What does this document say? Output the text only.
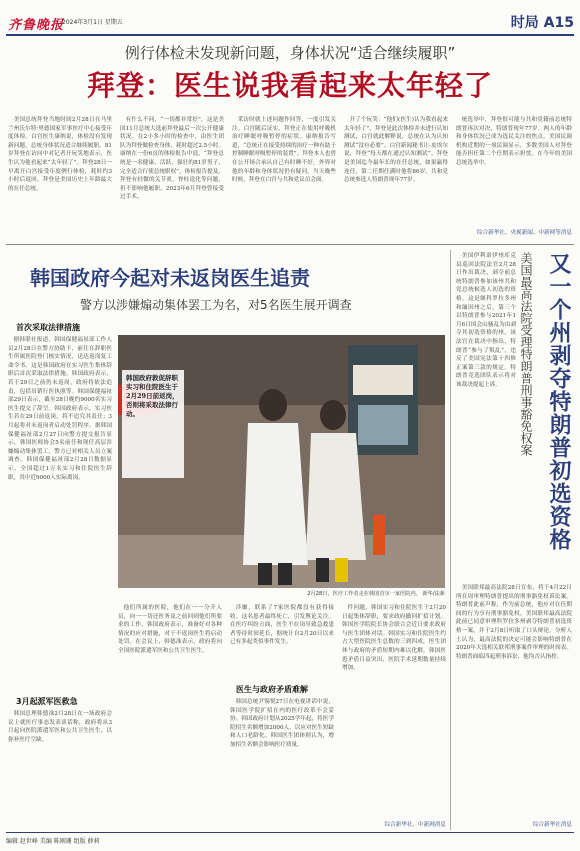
齐鲁晚报
2024年3月1日 星期五	时局 A15
例行体检未发现新问题，身体状况“适合继续履职”
拜登：医生说我看起来太年轻了

美国总统拜登当地时间2月28日在马里兰州沃尔特·里德国家军事医疗中心接受年度体检。白宫医生康纳说，体检没有发现新问题，总统身体状况适合继续履职。81岁拜登在访问中对记者开玩笑地表示，医生认为他看起来“太年轻了”。拜登28日一早离开白宫接受年度例行体检，耗时约3小时后返回。拜登是美国历史上年龄最大的在任总统。

有什么不同，“一切都非常好”，这是美国11月总统大选前拜登最后一次公开健康状况。在2小多小时的检查中，由医生团队为拜登做检查身体，耗时超过2.5小时。康纳在一份6页的体检报告中说，“拜登总统是一名健康、活跃、强壮的81岁男子，完全适合行使总统职权”。体检报告提及，拜登有轻微的关节炎、脊柱退化等问题，但不影响他履职。2023年6月拜登曾接受过手术。

采访时就上述问题作回答，一度引发关注。白宫随后证实，拜登正在使用呼吸机治疗睡眠呼吸暂停的症状。康纳报告写道，“总统正在接受持续的治疗一种有助于控制睡眠呼吸暂停的装置”。拜登本人也曾在公开场合承认自己有时睡不好，外界对他的年龄和身体状况仍有疑问。当天晚些时候，拜登在白宫与共和党议员会面。

开了个玩笑：“他们(医生)认为我看起来太年轻了”。拜登是此次体检并未进行认知测试，白宫就此解释说，总统在认为认知测试“没有必要”。白宫新闻秘书让-皮埃尔说，拜登“每天都在通过认知测试”。拜登是美国迄今最年长的在任总统，如果赢得连任，第二任期任满时他将86岁。共和党总统参选人特朗普现年77岁。

统选举中，拜登很可能与共和党籍前总统特朗普再次对决，特朗普现年77岁。两人的年龄和身体状况已成为选民关注的焦点。美国民调机构近期的一项民调显示，多数美国人对拜登能否担任第二个任期表示担忧。在今年的美国总统选举中，

综合新华社、央视新闻、中新网等消息
韩国政府今起对未返岗医生追责
警方以涉嫌煽动集体罢工为名，对5名医生展开调查
首次采取法律措施

据韩联社报道，韩国保健福祉部工作人员2月28日在警方协助下，前往在辞职医生所属医院登门核实情况，送达返岗复工命令书。这是韩国政府在实习医生集体辞职后首次采取法律措施。韩国政府表示，若于29日之前仍未返岗，政府将依法追责，包括吊销行医执照等。韩国保健福祉部29日表示，截至28日晚约9000名实习医生提交了辞呈。韩国政府表示，实习医生若在29日前返岗，将不追究其责任；3月起将对未返岗者启动处罚程序。据韩国保健福祉部2月27日向警方提交报告显示，韩国医师协会5名前任和现任高层涉嫌煽动集体罢工，警方已对相关人员立案调查。韩国保健福祉部2月28日数据显示，全国超过1万名实习和住院医生辞职，其中近9000人实际离岗。

3月起派军医救急

韩国总理韩德洙2月28日在一场政府会议上就医疗事态发表谈话称，政府将从3月起向医院派遣军医和公共卫生医生，以弥补医疗空缺。

韩国政府敦促辞职实习和住院医生于2月29日前返岗，否则将采取法律行动。
2月28日，医疗工作者走在韩国首尔一家医院内。 新华/法新

他们所属的医院，他们在一一分开人员，向一一切还医务及之前回到他们所要求的工作。韩国政府表示，准备好对各种情况的应对措施，对于不返岗医生将启动处罚。在会议上，韩德洙表示，政府将向全国医院派遣军医和公共卫生医生。

涉嫌，联系了7家医院都没有获得接收。这名患者最终死亡，引发舆论关注。在医疗纠纷方面，医生不在岗导致急救患者等待时间延长，据统计自2月20日以来已有多起类似事件发生。

医生与政府矛盾难解

韩国总统尹锡悦27日在电视讲话中说，韩国医学院扩招在内的医疗改革不会妥协。韩国政府计划从2025学年起，将医学院招生名额增加2000人，以应对医生短缺和人口老龄化。韩国医生团体则认为，增加招生名额会影响医疗质量。

件问题。韩国实习和住院医生于2月20日起集体辞职，要求政府撤回扩招计划。韩国医学院院长协会联合会近日要求政府与医生团体对话。韩国实习和住院医生约占大型医院医生总数的三到四成，医生团体与政府的矛盾短期内难以化解。韩国医患矛盾日益突出，医院手术延期数量持续增加。

综合新华社、中新网消息

美国伊利诺伊州库克县巡回法院法官2月28日作出裁决，剥夺前总统特朗普参加该州共和党总统候选人初选的资格。这是继科罗拉多州和缅因州之后，第三个以特朗普参与2021年1月6日国会山骚乱为由剥夺其初选资格的州。该法官在裁决中指出，特朗普“参与了叛乱”，违反了美国宪法第十四修正案第三款的规定。特朗普竞选团队表示将对该裁决提起上诉。	美国最高法院受理特朗普刑事豁免权案 又一个州剥夺特朗普初选资格

美国联邦最高法院28日宣布，将于4月22日所在周审理特朗普提出的刑事豁免权诉讼案。特朗普此前声称，作为前总统，他应对在任期间的行为享有刑事豁免权。美国联邦最高法院此前已同意审理科罗拉多州剥夺特朗普初选资格一案，并于2月8日听取了口头辩论。分析人士认为，最高法院的决定可能会影响特朗普在2020年大选相关联邦刑事案件审理的时间表。特朗普面临四起刑事诉讼，他均否认指控。

综合新华社消息
编辑 赵世峰 美编 陈刚珊 组版 薛莉
